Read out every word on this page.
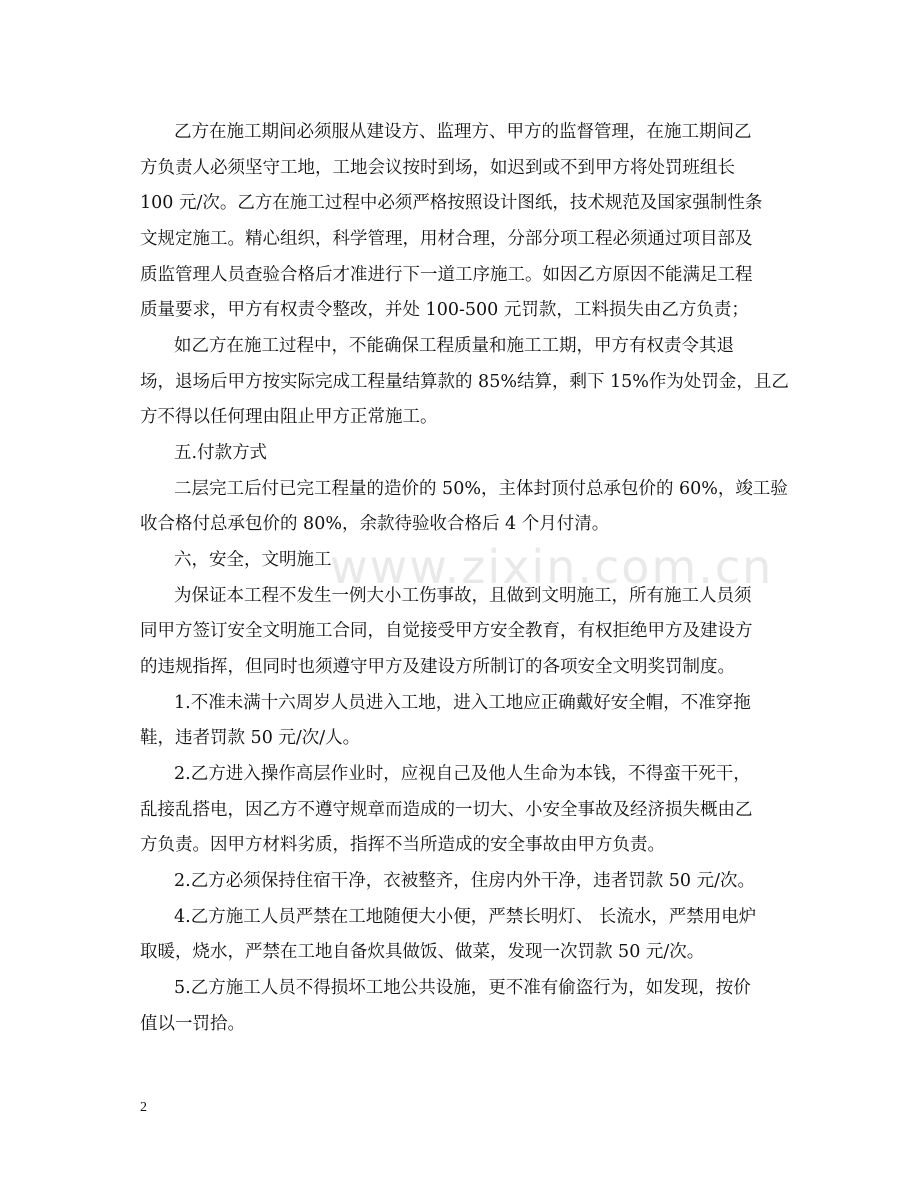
www.zixin.com.cn
乙方在施工期间必须服从建设方、监理方、甲方的监督管理，在施工期间乙
方负责人必须坚守工地，工地会议按时到场，如迟到或不到甲方将处罚班组长
100 元/次。乙方在施工过程中必须严格按照设计图纸，技术规范及国家强制性条
文规定施工。精心组织，科学管理，用材合理，分部分项工程必须通过项目部及
质监管理人员查验合格后才准进行下一道工序施工。如因乙方原因不能满足工程
质量要求，甲方有权责令整改，并处 100-500 元罚款，工料损失由乙方负责；
如乙方在施工过程中，不能确保工程质量和施工工期，甲方有权责令其退
场，退场后甲方按实际完成工程量结算款的 85%结算，剩下 15%作为处罚金，且乙
方不得以任何理由阻止甲方正常施工。
五.付款方式
二层完工后付已完工程量的造价的 50%，主体封顶付总承包价的 60%，竣工验
收合格付总承包价的 80%，余款待验收合格后 4 个月付清。
六，安全，文明施工
为保证本工程不发生一例大小工伤事故，且做到文明施工，所有施工人员须
同甲方签订安全文明施工合同，自觉接受甲方安全教育，有权拒绝甲方及建设方
的违规指挥，但同时也须遵守甲方及建设方所制订的各项安全文明奖罚制度。
1.不准未满十六周岁人员进入工地，进入工地应正确戴好安全帽，不准穿拖
鞋，违者罚款 50 元/次/人。
2.乙方进入操作高层作业时，应视自己及他人生命为本钱，不得蛮干死干，
乱接乱搭电，因乙方不遵守规章而造成的一切大、小安全事故及经济损失概由乙
方负责。因甲方材料劣质，指挥不当所造成的安全事故由甲方负责。
2.乙方必须保持住宿干净，衣被整齐，住房内外干净，违者罚款 50 元/次。
4.乙方施工人员严禁在工地随便大小便，严禁长明灯、 长流水，严禁用电炉
取暖，烧水，严禁在工地自备炊具做饭、做菜，发现一次罚款 50 元/次。
5.乙方施工人员不得损坏工地公共设施，更不准有偷盗行为，如发现，按价
值以一罚拾。
2
